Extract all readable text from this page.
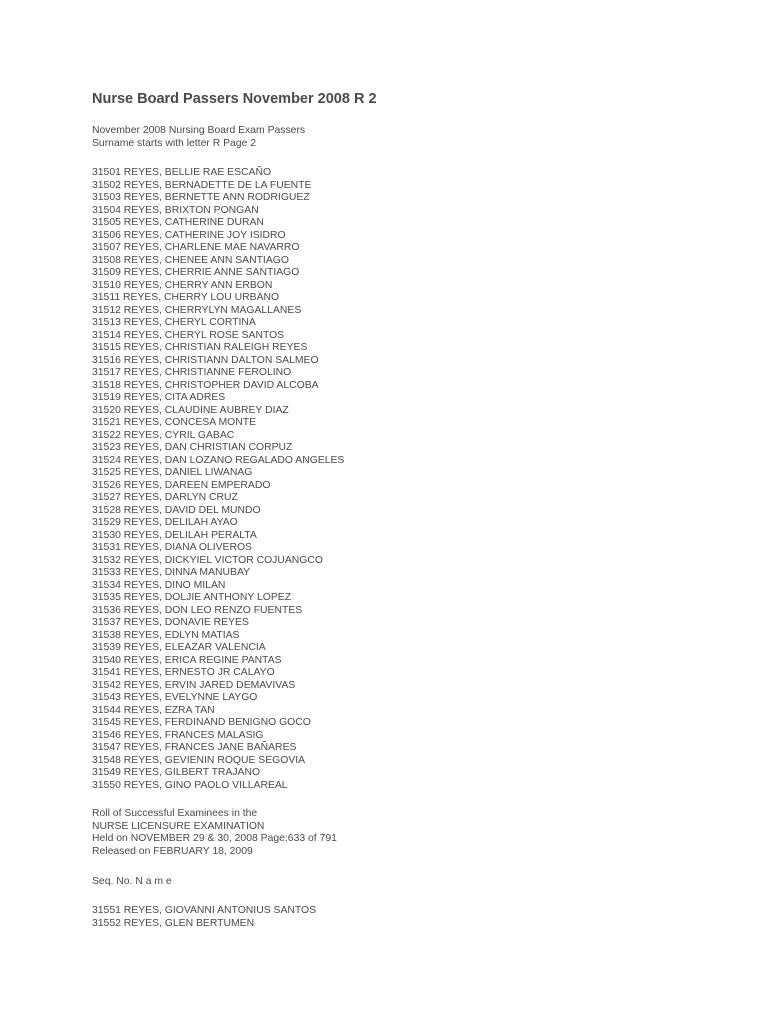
Nurse Board Passers November 2008 R 2
November 2008 Nursing Board Exam Passers
Surname starts with letter R Page 2
31501 REYES, BELLIE RAE ESCAÑO
31502 REYES, BERNADETTE DE LA FUENTE
31503 REYES, BERNETTE ANN RODRIGUEZ
31504 REYES, BRIXTON PONGAN
31505 REYES, CATHERINE DURAN
31506 REYES, CATHERINE JOY ISIDRO
31507 REYES, CHARLENE MAE NAVARRO
31508 REYES, CHENEE ANN SANTIAGO
31509 REYES, CHERRIE ANNE SANTIAGO
31510 REYES, CHERRY ANN ERBON
31511 REYES, CHERRY LOU URBANO
31512 REYES, CHERRYLYN MAGALLANES
31513 REYES, CHERYL CORTINA
31514 REYES, CHERYL ROSE SANTOS
31515 REYES, CHRISTIAN RALEIGH REYES
31516 REYES, CHRISTIANN DALTON SALMEO
31517 REYES, CHRISTIANNE FEROLINO
31518 REYES, CHRISTOPHER DAVID ALCOBA
31519 REYES, CITA ADRES
31520 REYES, CLAUDINE AUBREY DIAZ
31521 REYES, CONCESA MONTE
31522 REYES, CYRIL GABAC
31523 REYES, DAN CHRISTIAN CORPUZ
31524 REYES, DAN LOZANO REGALADO ANGELES
31525 REYES, DANIEL LIWANAG
31526 REYES, DAREEN EMPERADO
31527 REYES, DARLYN CRUZ
31528 REYES, DAVID DEL MUNDO
31529 REYES, DELILAH AYAO
31530 REYES, DELILAH PERALTA
31531 REYES, DIANA OLIVEROS
31532 REYES, DICKYIEL VICTOR COJUANGCO
31533 REYES, DINNA MANUBAY
31534 REYES, DINO MILAN
31535 REYES, DOLJIE ANTHONY LOPEZ
31536 REYES, DON LEO RENZO FUENTES
31537 REYES, DONAVIE REYES
31538 REYES, EDLYN MATIAS
31539 REYES, ELEAZAR VALENCIA
31540 REYES, ERICA REGINE PANTAS
31541 REYES, ERNESTO JR CALAYO
31542 REYES, ERVIN JARED DEMAVIVAS
31543 REYES, EVELYNNE LAYGO
31544 REYES, EZRA TAN
31545 REYES, FERDINAND BENIGNO GOCO
31546 REYES, FRANCES MALASIG
31547 REYES, FRANCES JANE BAÑARES
31548 REYES, GEVIENIN ROQUE SEGOVIA
31549 REYES, GILBERT TRAJANO
31550 REYES, GINO PAOLO VILLAREAL
Roll of Successful Examinees in the
NURSE LICENSURE EXAMINATION
Held on NOVEMBER 29 & 30, 2008 Page:633 of 791
Released on FEBRUARY 18, 2009
Seq. No. N a m e
31551 REYES, GIOVANNI ANTONIUS SANTOS
31552 REYES, GLEN BERTUMEN
